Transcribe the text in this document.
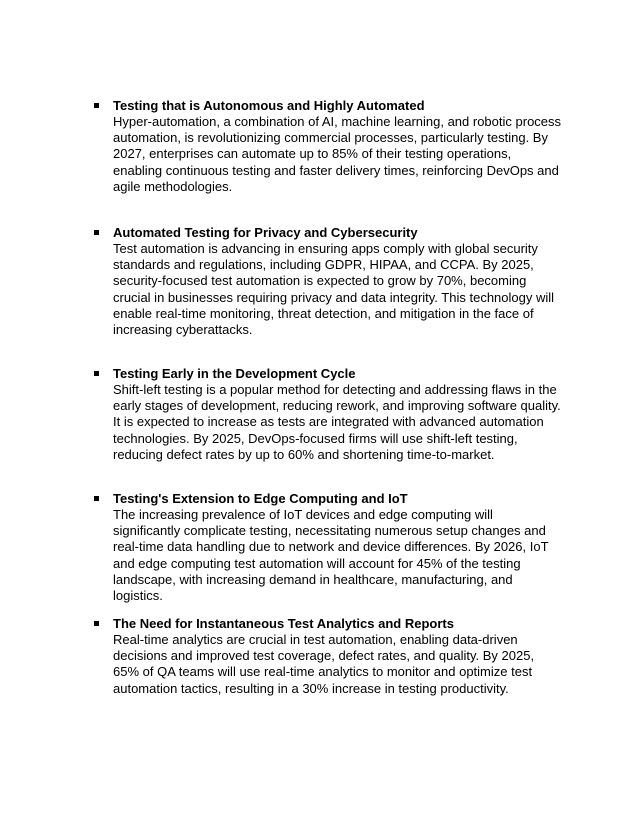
Testing that is Autonomous and Highly Automated
Hyper-automation, a combination of AI, machine learning, and robotic process automation, is revolutionizing commercial processes, particularly testing. By 2027, enterprises can automate up to 85% of their testing operations, enabling continuous testing and faster delivery times, reinforcing DevOps and agile methodologies.
Automated Testing for Privacy and Cybersecurity
Test automation is advancing in ensuring apps comply with global security standards and regulations, including GDPR, HIPAA, and CCPA. By 2025, security-focused test automation is expected to grow by 70%, becoming crucial in businesses requiring privacy and data integrity. This technology will enable real-time monitoring, threat detection, and mitigation in the face of increasing cyberattacks.
Testing Early in the Development Cycle
Shift-left testing is a popular method for detecting and addressing flaws in the early stages of development, reducing rework, and improving software quality. It is expected to increase as tests are integrated with advanced automation technologies. By 2025, DevOps-focused firms will use shift-left testing, reducing defect rates by up to 60% and shortening time-to-market.
Testing's Extension to Edge Computing and IoT
The increasing prevalence of IoT devices and edge computing will significantly complicate testing, necessitating numerous setup changes and real-time data handling due to network and device differences. By 2026, IoT and edge computing test automation will account for 45% of the testing landscape, with increasing demand in healthcare, manufacturing, and logistics.
The Need for Instantaneous Test Analytics and Reports
Real-time analytics are crucial in test automation, enabling data-driven decisions and improved test coverage, defect rates, and quality. By 2025, 65% of QA teams will use real-time analytics to monitor and optimize test automation tactics, resulting in a 30% increase in testing productivity.
